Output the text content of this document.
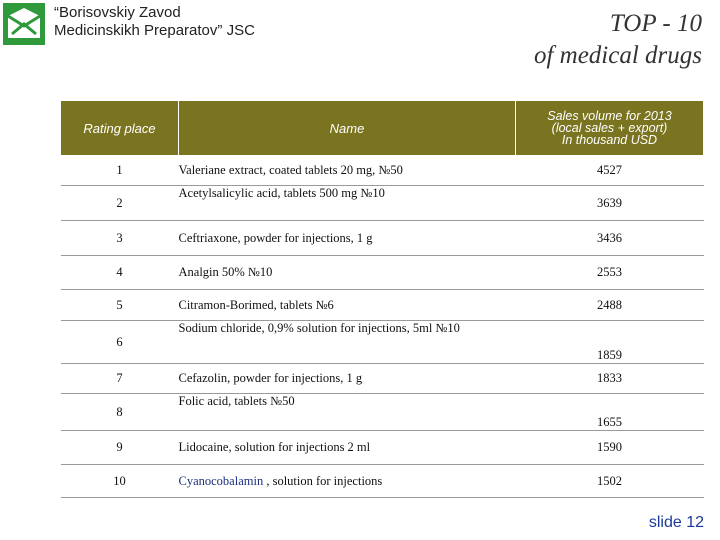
“Borisovskiy Zavod
Medicinskikh Preparatov” JSC	TOP - 10
of medical drugs
Rating place	Name	Sales volume for 2013
(local sales + export)
In thousand USD

1	Valeriane extract, coated tablets 20 mg, №50	4527
2	Acetylsalicylic acid, tablets 500 mg №10	3639
3	Ceftriaxone, powder for injections, 1 g	3436
4	Analgin 50% №10	2553
5	Citramon-Borimed, tablets №6	2488
6	Sodium chloride, 0,9% solution for injections, 5ml №10	1859
7	Cefazolin, powder for injections, 1 g	1833
8	Folic acid, tablets №50	1655
9	Lidocaine, solution for injections 2 ml	1590
10	Cyanocobalamin , solution for injections	1502
slide 12
